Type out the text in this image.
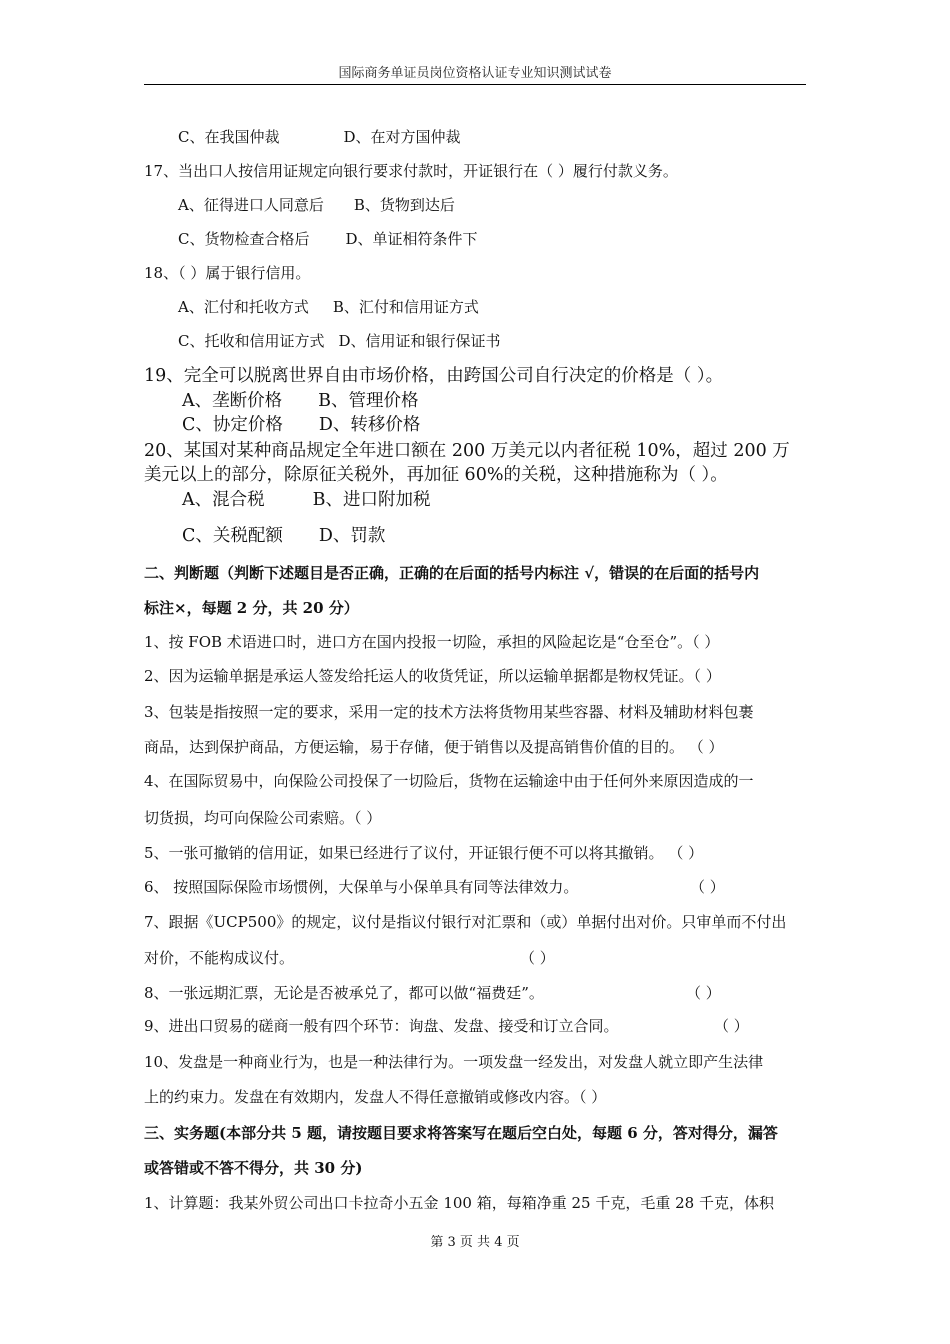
国际商务单证员岗位资格认证专业知识测试试卷
C、在我国仲裁	D、在对方国仲裁
17、当出口人按信用证规定向银行要求付款时，开证银行在（ ）履行付款义务。
A、征得进口人同意后 B、货物到达后
C、货物检查合格后 D、单证相符条件下
18、（ ）属于银行信用。
A、汇付和托收方式 B、汇付和信用证方式
C、托收和信用证方式 D、信用证和银行保证书
19、完全可以脱离世界自由市场价格，由跨国公司自行决定的价格是（ ）。
A、垄断价格 B、管理价格
C、协定价格 D、转移价格
20、某国对某种商品规定全年进口额在 200 万美元以内者征税 10%，超过 200 万
美元以上的部分，除原征关税外，再加征 60%的关税，这种措施称为（ ）。
A、混合税	B、进口附加税
C、关税配额 D、罚款
二、判断题（判断下述题目是否正确，正确的在后面的括号内标注 √，错误的在后面的括号内
标注×，每题 2 分，共 20 分）
1、按 FOB 术语进口时，进口方在国内投报一切险，承担的风险起讫是“仓至仓”。（ ）
2、因为运输单据是承运人签发给托运人的收货凭证，所以运输单据都是物权凭证。（ ）
3、包装是指按照一定的要求，采用一定的技术方法将货物用某些容器、材料及辅助材料包裹
商品，达到保护商品，方便运输，易于存储，便于销售以及提高销售价值的目的。 （ ）
4、在国际贸易中，向保险公司投保了一切险后，货物在运输途中由于任何外来原因造成的一
切货损，均可向保险公司索赔。（ ）
5、一张可撤销的信用证，如果已经进行了议付，开证银行便不可以将其撤销。 （ ）
6、 按照国际保险市场惯例，大保单与小保单具有同等法律效力。	（ ）
7、跟据《UCP500》的规定，议付是指议付银行对汇票和（或）单据付出对价。只审单而不付出
对价，不能构成议付。	（ ）
8、一张远期汇票，无论是否被承兑了，都可以做“福费廷”。	（ ）
9、进出口贸易的磋商一般有四个环节：询盘、发盘、接受和订立合同。	（ ）
10、发盘是一种商业行为，也是一种法律行为。一项发盘一经发出，对发盘人就立即产生法律
上的约束力。发盘在有效期内，发盘人不得任意撤销或修改内容。（ ）
三、实务题(本部分共 5 题，请按题目要求将答案写在题后空白处，每题 6 分，答对得分，漏答
或答错或不答不得分，共 30 分)
1、计算题：我某外贸公司出口卡拉奇小五金 100 箱，每箱净重 25 千克，毛重 28 千克，体积
第 3 页 共 4 页
